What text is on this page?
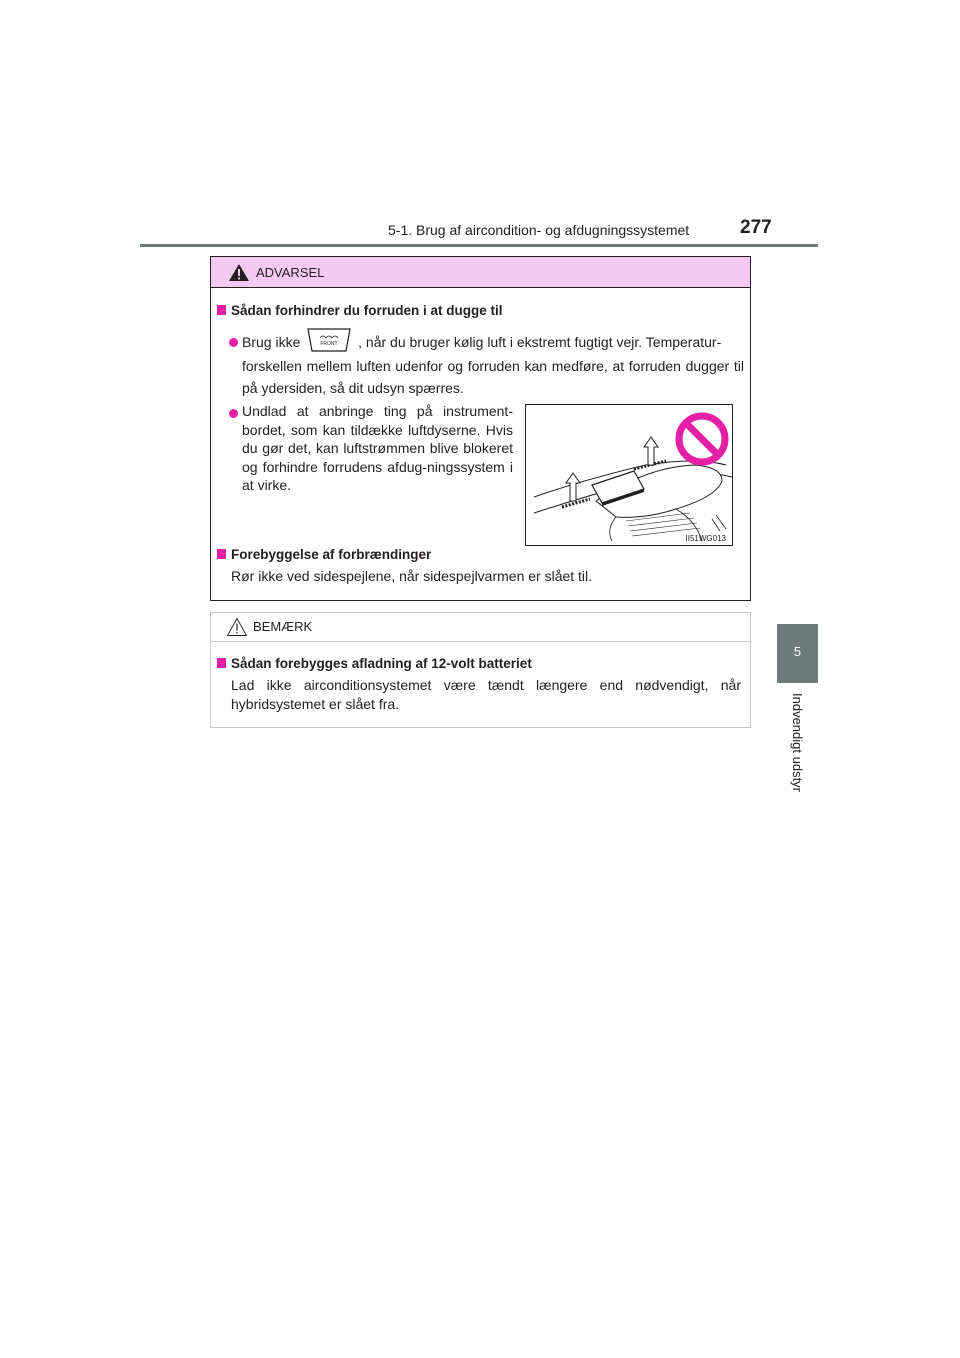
5-1. Brug af aircondition- og afdugningssystemet	277
5
Indvendigt udstyr
ADVARSEL
Sådan forhindrer du forruden i at dugge til
Brug ikke	FRONT , når du bruger kølig luft i ekstremt fugtigt vejr. Temperatur-
forskellen mellem luften udenfor og forruden kan medføre, at forruden dugger til på ydersiden, så dit udsyn spærres.
Undlad at anbringe ting på instrument-bordet, som kan tildække luftdyserne. Hvis du gør det, kan luftstrømmen blive blokeret og forhindre forrudens afdug-ningssystem i at virke.
II51WG013
Forebyggelse af forbrændinger
Rør ikke ved sidespejlene, når sidespejlvarmen er slået til.
BEMÆRK
Sådan forebygges afladning af 12-volt batteriet
Lad ikke airconditionsystemet være tændt længere end nødvendigt, når hybridsystemet er slået fra.
